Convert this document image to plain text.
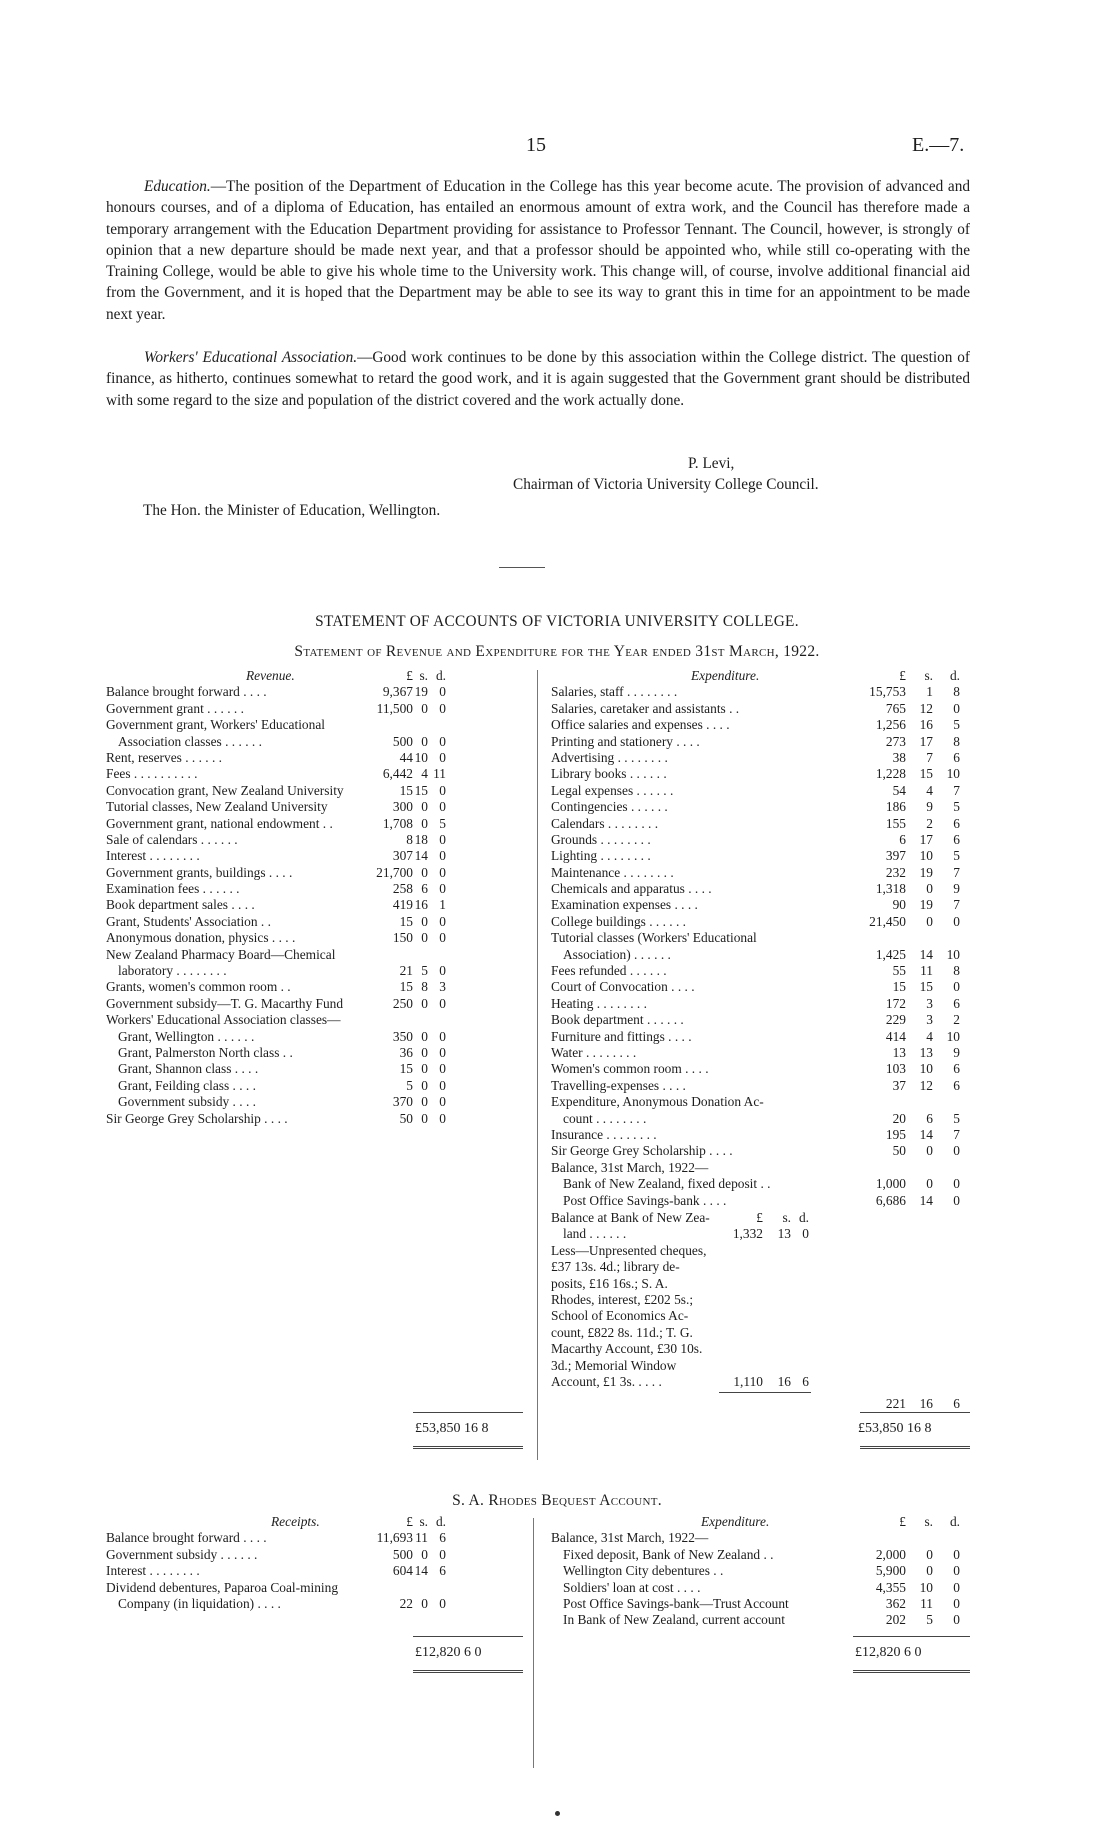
15	E.—7.

Education.—The position of the Department of Education in the College has this year become acute. The provision of advanced and honours courses, and of a diploma of Education, has entailed an enormous amount of extra work, and the Council has therefore made a temporary arrangement with the Education Department providing for assistance to Professor Tennant. The Council, however, is strongly of opinion that a new departure should be made next year, and that a professor should be appointed who, while still co-operating with the Training College, would be able to give his whole time to the University work. This change will, of course, involve additional financial aid from the Government, and it is hoped that the Department may be able to see its way to grant this in time for an appointment to be made next year.

Workers' Educational Association.—Good work continues to be done by this association within the College district. The question of finance, as hitherto, continues somewhat to retard the good work, and it is again suggested that the Government grant should be distributed with some regard to the size and population of the district covered and the work actually done.

P. Levi,
Chairman of Victoria University College Council.
The Hon. the Minister of Education, Wellington.
STATEMENT OF ACCOUNTS OF VICTORIA UNIVERSITY COLLEGE.
Statement of Revenue and Expenditure for the Year ended 31st March, 1922.
Revenue.	£ s. d.
Balance brought forward . . . .	9,367 19 0
Government grant . . . . . .	11,500 0 0
Government grant, Workers' Educational
Association classes . . . . . .	500 0 0
Rent, reserves . . . . . .	44 10 0
Fees . . . . . . . . . .	6,442 4 11
Convocation grant, New Zealand University	15 15 0
Tutorial classes, New Zealand University	300 0 0
Government grant, national endowment . .	1,708 0 5
Sale of calendars . . . . . .	8 18 0
Interest . . . . . . . .	307 14 0
Government grants, buildings . . . .	21,700 0 0
Examination fees . . . . . .	258 6 0
Book department sales . . . .	419 16 1
Grant, Students' Association . .	15 0 0
Anonymous donation, physics . . . .	150 0 0
New Zealand Pharmacy Board—Chemical
laboratory . . . . . . . .	21 5 0
Grants, women's common room . .	15 8 3
Government subsidy—T. G. Macarthy Fund	250 0 0
Workers' Educational Association classes—
Grant, Wellington . . . . . .	350 0 0
Grant, Palmerston North class . .	36 0 0
Grant, Shannon class . . . .	15 0 0
Grant, Feilding class . . . .	5 0 0
Government subsidy . . . .	370 0 0
Sir George Grey Scholarship . . . .	50 0 0
Expenditure.	£	s. d.
Salaries, staff . . . . . . . .	15,753	1	8
Salaries, caretaker and assistants . .	765	12	0
Office salaries and expenses . . . .	1,256	16	5
Printing and stationery . . . .	273	17	8
Advertising . . . . . . . .	38	7	6
Library books . . . . . .	1,228	15	10
Legal expenses . . . . . .	54	4	7
Contingencies . . . . . .	186	9	5
Calendars . . . . . . . .	155	2	6
Grounds . . . . . . . .	6	17	6
Lighting . . . . . . . .	397	10	5
Maintenance . . . . . . . .	232	19	7
Chemicals and apparatus . . . .	1,318	0	9
Examination expenses . . . .	90	19	7
College buildings . . . . . .	21,450	0	0
Tutorial classes (Workers' Educational
Association) . . . . . .	1,425	14	10
Fees refunded . . . . . .	55	11	8
Court of Convocation . . . .	15	15	0
Heating . . . . . . . .	172	3	6
Book department . . . . . .	229	3	2
Furniture and fittings . . . .	414	4	10
Water . . . . . . . .	13	13	9
Women's common room . . . .	103	10	6
Travelling-expenses . . . .	37	12	6
Expenditure, Anonymous Donation Ac-
count . . . . . . . .	20	6	5
Insurance . . . . . . . .	195	14	7
Sir George Grey Scholarship . . . .	50	0	0
Balance, 31st March, 1922—
Bank of New Zealand, fixed deposit . .	1,000	0	0
Post Office Savings-bank . . . .	6,686	14	0
Balance at Bank of New Zea-	£	s. d.
land . . . . . .	1,332	13 0
Less—Unpresented cheques,
£37 13s. 4d.; library de-
posits, £16 16s.; S. A.
Rhodes, interest, £202 5s.;
School of Economics Ac-
count, £822 8s. 11d.; T. G.
Macarthy Account, £30 10s.
3d.; Memorial Window
Account, £1 3s. . . . .	1,110	16 6
221	16	6
£53,850 16 8	£53,850 16 8
S. A. Rhodes Bequest Account.
Receipts.	£ s. d.
Balance brought forward . . . .	11,693 11 6
Government subsidy . . . . . .	500 0 0
Interest . . . . . . . .	604 14 6
Dividend debentures, Paparoa Coal-mining
Company (in liquidation) . . . .	22 0 0
Expenditure.	£	s. d.
Balance, 31st March, 1922—
Fixed deposit, Bank of New Zealand . .	2,000	0	0
Wellington City debentures . .	5,900	0	0
Soldiers' loan at cost . . . .	4,355	10	0
Post Office Savings-bank—Trust Account	362	11	0
In Bank of New Zealand, current account	202	5	0
£12,820 6 0	£12,820 6 0
